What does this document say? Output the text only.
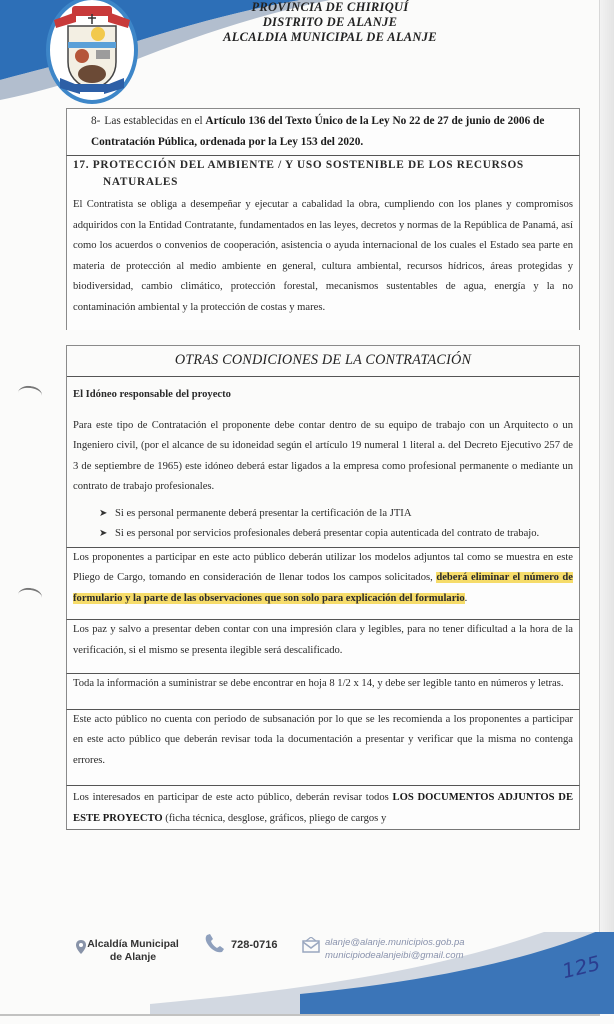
PROVINCIA DE CHIRIQUÍ
DISTRITO DE ALANJE
ALCALDIA MUNICIPAL DE ALANJE
8- Las establecidas en el Artículo 136 del Texto Único de la Ley No 22 de 27 de junio de 2006 de Contratación Pública, ordenada por la Ley 153 del 2020.
17. PROTECCIÓN DEL AMBIENTE / Y USO SOSTENIBLE DE LOS RECURSOS
NATURALES
El Contratista se obliga a desempeñar y ejecutar a cabalidad la obra, cumpliendo con los planes y compromisos adquiridos con la Entidad Contratante, fundamentados en las leyes, decretos y normas de la República de Panamá, así como los acuerdos o convenios de cooperación, asistencia o ayuda internacional de los cuales el Estado sea parte en materia de protección al medio ambiente en general, cultura ambiental, recursos hídricos, áreas protegidas y biodiversidad, cambio climático, protección forestal, mecanismos sustentables de agua, energía y la no contaminación ambiental y la protección de costas y mares.
OTRAS CONDICIONES DE LA CONTRATACIÓN
El Idóneo responsable del proyecto
Para este tipo de Contratación el proponente debe contar dentro de su equipo de trabajo con un Arquitecto o un Ingeniero civil, (por el alcance de su idoneidad según el artículo 19 numeral 1 literal a. del Decreto Ejecutivo 257 de 3 de septiembre de 1965) este idóneo deberá estar ligados a la empresa como profesional permanente o mediante un contrato de trabajo profesionales.
➤ Si es personal permanente deberá presentar la certificación de la JTIA
➤ Si es personal por servicios profesionales deberá presentar copia autenticada del contrato de trabajo.
Los proponentes a participar en este acto público deberán utilizar los modelos adjuntos tal como se muestra en este Pliego de Cargo, tomando en consideración de llenar todos los campos solicitados, deberá eliminar el número de formulario y la parte de las observaciones que son solo para explicación del formulario.
Los paz y salvo a presentar deben contar con una impresión clara y legibles, para no tener dificultad a la hora de la verificación, si el mismo se presenta ilegible será descalificado.
Toda la información a suministrar se debe encontrar en hoja 8 1/2 x 14, y debe ser legible tanto en números y letras.
Este acto público no cuenta con periodo de subsanación por lo que se les recomienda a los proponentes a participar en este acto público que deberán revisar toda la documentación a presentar y verificar que la misma no contenga errores.
Los interesados en participar de este acto público, deberán revisar todos LOS DOCUMENTOS ADJUNTOS DE ESTE PROYECTO (ficha técnica, desglose, gráficos, pliego de cargos y
Alcaldía Municipal
de Alanje
728-0716	alanje@alanje.municipios.gob.pa
municipiodealanjeibi@gmail.com	125
